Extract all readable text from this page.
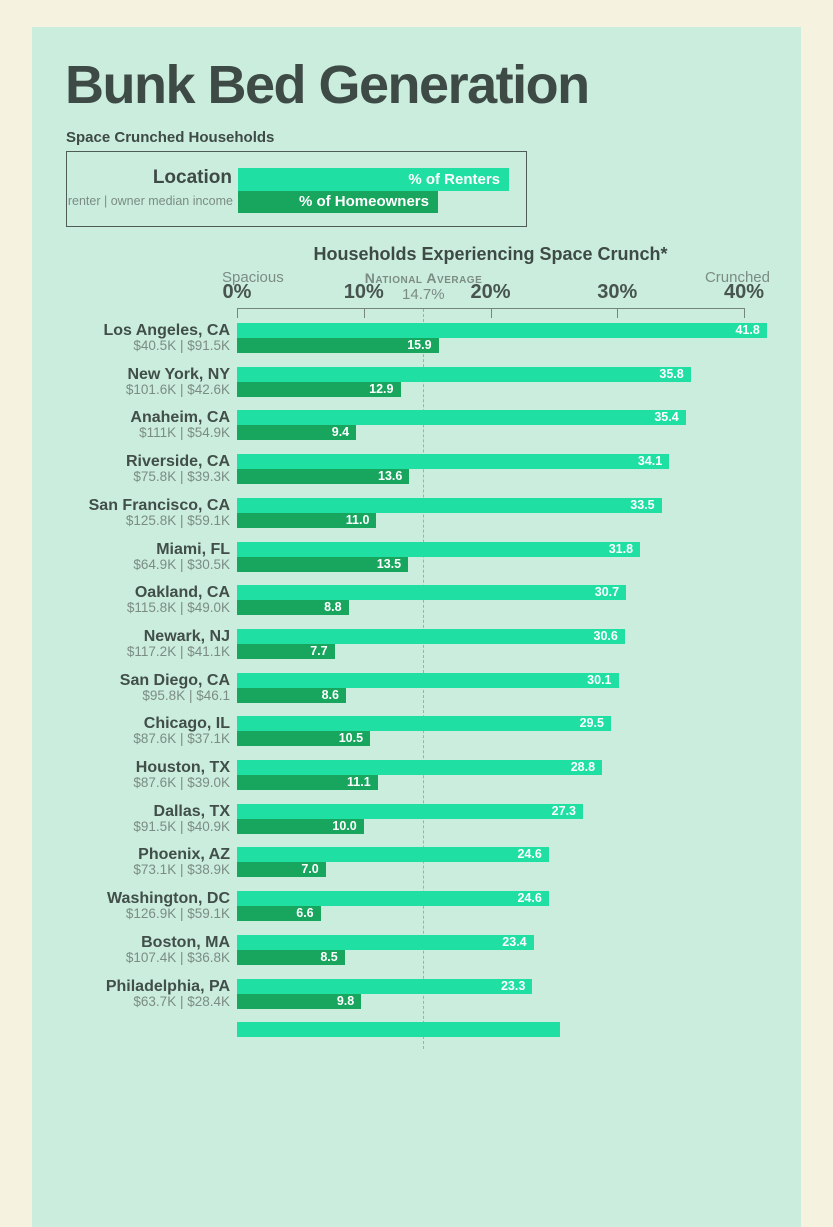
Bunk Bed Generation
Space Crunched Households
Location
renter | owner median income
% of Renters
% of Homeowners
Households Experiencing Space Crunch*
Spacious	National Average	Crunched
0%	10%	20%	30%	40%
14.7%
Los Angeles, CA
$40.5K | $91.5K
41.8
15.9
New York, NY
$101.6K | $42.6K
35.8
12.9
Anaheim, CA
$111K | $54.9K
35.4
9.4
Riverside, CA
$75.8K | $39.3K
34.1
13.6
San Francisco, CA
$125.8K | $59.1K
33.5
11.0
Miami, FL
$64.9K | $30.5K
31.8
13.5
Oakland, CA
$115.8K | $49.0K
30.7
8.8
Newark, NJ
$117.2K | $41.1K
30.6
7.7
San Diego, CA
$95.8K | $46.1
30.1
8.6
Chicago, IL
$87.6K | $37.1K
29.5
10.5
Houston, TX
$87.6K | $39.0K
28.8
11.1
Dallas, TX
$91.5K | $40.9K
27.3
10.0
Phoenix, AZ
$73.1K | $38.9K
24.6
7.0
Washington, DC
$126.9K | $59.1K
24.6
6.6
Boston, MA
$107.4K | $36.8K
23.4
8.5
Philadelphia, PA
$63.7K | $28.4K
23.3
9.8
